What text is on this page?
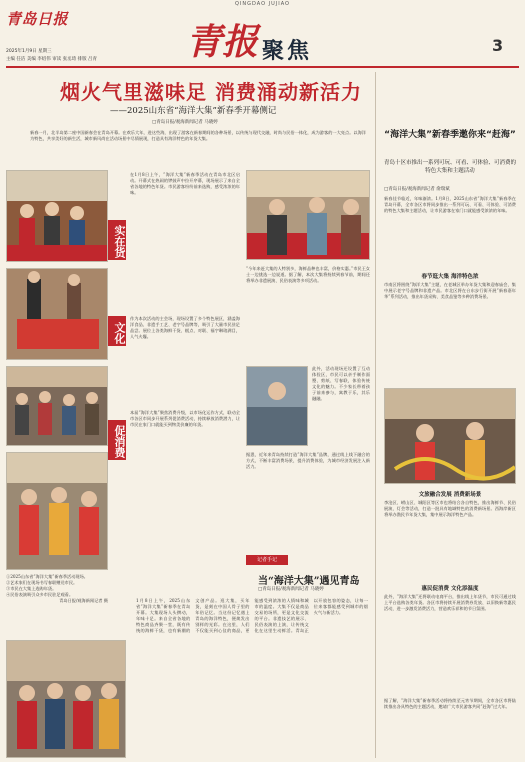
青岛日报
QINGDAO JUJIAO
青报 聚焦	3
2025年1月9日 星期三
主编 任洁 美编 李绍伟 审读 张丞琦 排版 吕青
烟火气里滋味足 消费涌动新活力
——2025山东省“海洋大集”新春季开幕侧记
□青岛日报/观海新闻记者 马晓婷
新春一月，北半岛第二座中国新春会在青岛开幕。在欢乐大年，进这些海，出现了游客在新春期间的各种场景，以传统与现代交融，时尚与民俗一体化，成为游客的一大亮点。以海洋为特色，共享美好的新生活，城市新风尚在活动场景中尽情展现，打造具有海洋特色的年货大集。
实在货
文化
促消费
①2025山东省“海洋大集”新春季活动现场。
②艺术家们在现场书写春联赠送市民。
③市民在大集上选购年货。
④民俗表演吸引众多市民驻足观看。
青岛日报/观海新闻记者 摄
在1月8日上午，“海洋大集”新春季活动在青岛市北区启动。开幕式在热闹的锣鼓声中拉开序幕，现场展示了来自全省各地的特色年货。市民游客纷纷前来选购，感受浓浓的年味。
作为本次活动的主会场，现场设置了多个特色展区，涵盖海洋食品、非遗手工艺、老字号品牌等，吸引了大量市民驻足品尝。展位上各类海鲜干货、糕点、对联、福字琳琅满目，人气火爆。
本届“海洋大集”聚焦消费升级，以市场化运作方式，联动全市各区市同步开展系列促消费活动，持续释放消费潜力，让市民在家门口就能买到物美价廉的年货。
“今年来赶大集的人特别多，海鲜品种也丰富，价格实惠。”市民王女士一边挑选一边说道。据了解，本次大集将持续到春节前，期间还将举办非遗展演、民俗表演等多项活动。
此外，活动现场还设置了互动体验区，市民可以亲手制作面塑、剪纸、写春联，体验传统文化的魅力。不少家长带着孩子前来参与，寓教于乐，其乐融融。
据悉，近年来青岛持续打造“海洋大集”品牌，通过线上线下融合的方式，不断丰富消费场景，提升消费体验，为城市经济发展注入新活力。
记者手记
当“海洋大集”遇见青岛
□青岛日报/观海新闻记者 马晓婷
1月8日上午，2025山东省“海洋大集”新春季在青岛开幕。大集现场人头攒动，年味十足。来自全省各地的特色商品齐聚一堂，既有传统的海鲜干货，也有新潮的文创产品。逛大集，买年货，是刻在中国人骨子里的年俗记忆。当这份记忆遇上青岛的海洋特色，便焕发出别样的光彩。在这里，人们不仅能买到心仪的商品，更能感受到浓浓的人情味和城市的温度。大集不仅是商品交易的场所，更是文化交流的平台。非遗技艺的展示、民俗表演的上演，让传统文化在这里生动鲜活。青岛正以开放包容的姿态，让每一位来客都能感受到城市的烟火气与新活力。
“海洋大集”新春季邀你来“赶海”
青岛十区市推出一系列可玩、可看、可体验、可消费的特色大集和主题活动
□青岛日报/观海新闻记者 俞瑞斌
新春佳节临近，年味渐浓。1月8日，2025山东省“海洋大集”新春季在青岛开幕，全市各区市将同步推出一系列可玩、可看、可体验、可消费的特色大集和主题活动，让市民游客在家门口就能感受浓浓的年味。
春节逛大集 海洋特色浓
市南区将围绕“海洋大集”主题，在老城区举办年货大集和迎春庙会，集中展示老字号品牌和非遗产品。市北区将在台东步行街开展“新春嘉年华”系列活动，推出年货采购、美食品鉴等多种消费场景。
文旅融合发展 消费新场景
李沧区、崂山区、城阳区等区市也将结合各自特色，推出海鲜节、民俗展演、灯会等活动，打造一批具有地域特色的消费新场景。西海岸新区将举办渔民节年货大集，集中展示海洋特色产品。
惠民促消费 文化添温度
此外，“海洋大集”还将联动电商平台，推出线上年货节，市民可通过线上平台选购各类年货。各区市将持续开展消费券发放、以旧换新等惠民活动，进一步激发消费活力，营造欢乐祥和的节日氛围。
据了解，“海洋大集”新春季活动将持续至元宵节期间，全市各区市将陆续推出各具特色的主题活动，邀请广大市民游客共同“赶海”过大年。
